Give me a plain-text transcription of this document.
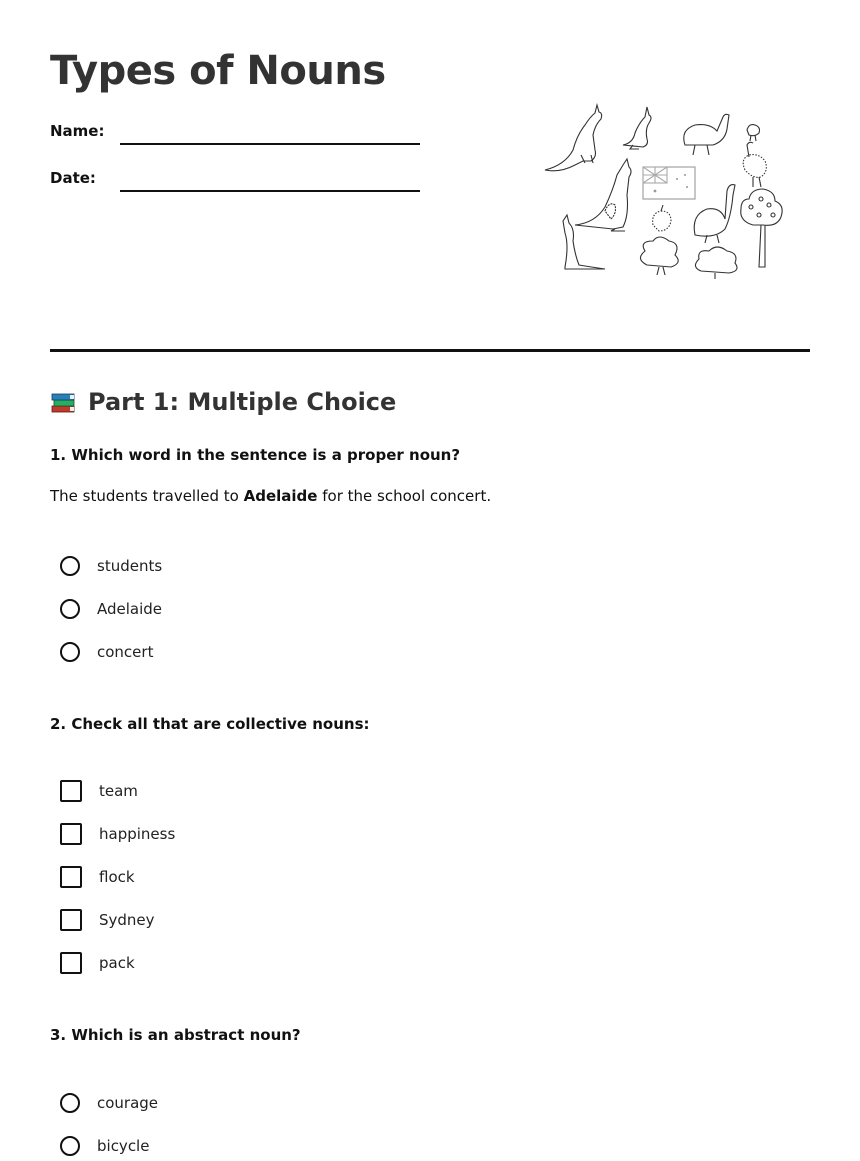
Types of Nouns
Name:
Date:
Part 1: Multiple Choice
1. Which word in the sentence is a proper noun?
The students travelled to Adelaide for the school concert.
students
Adelaide
concert
2. Check all that are collective nouns:
team
happiness
flock
Sydney
pack
3. Which is an abstract noun?
courage
bicycle
